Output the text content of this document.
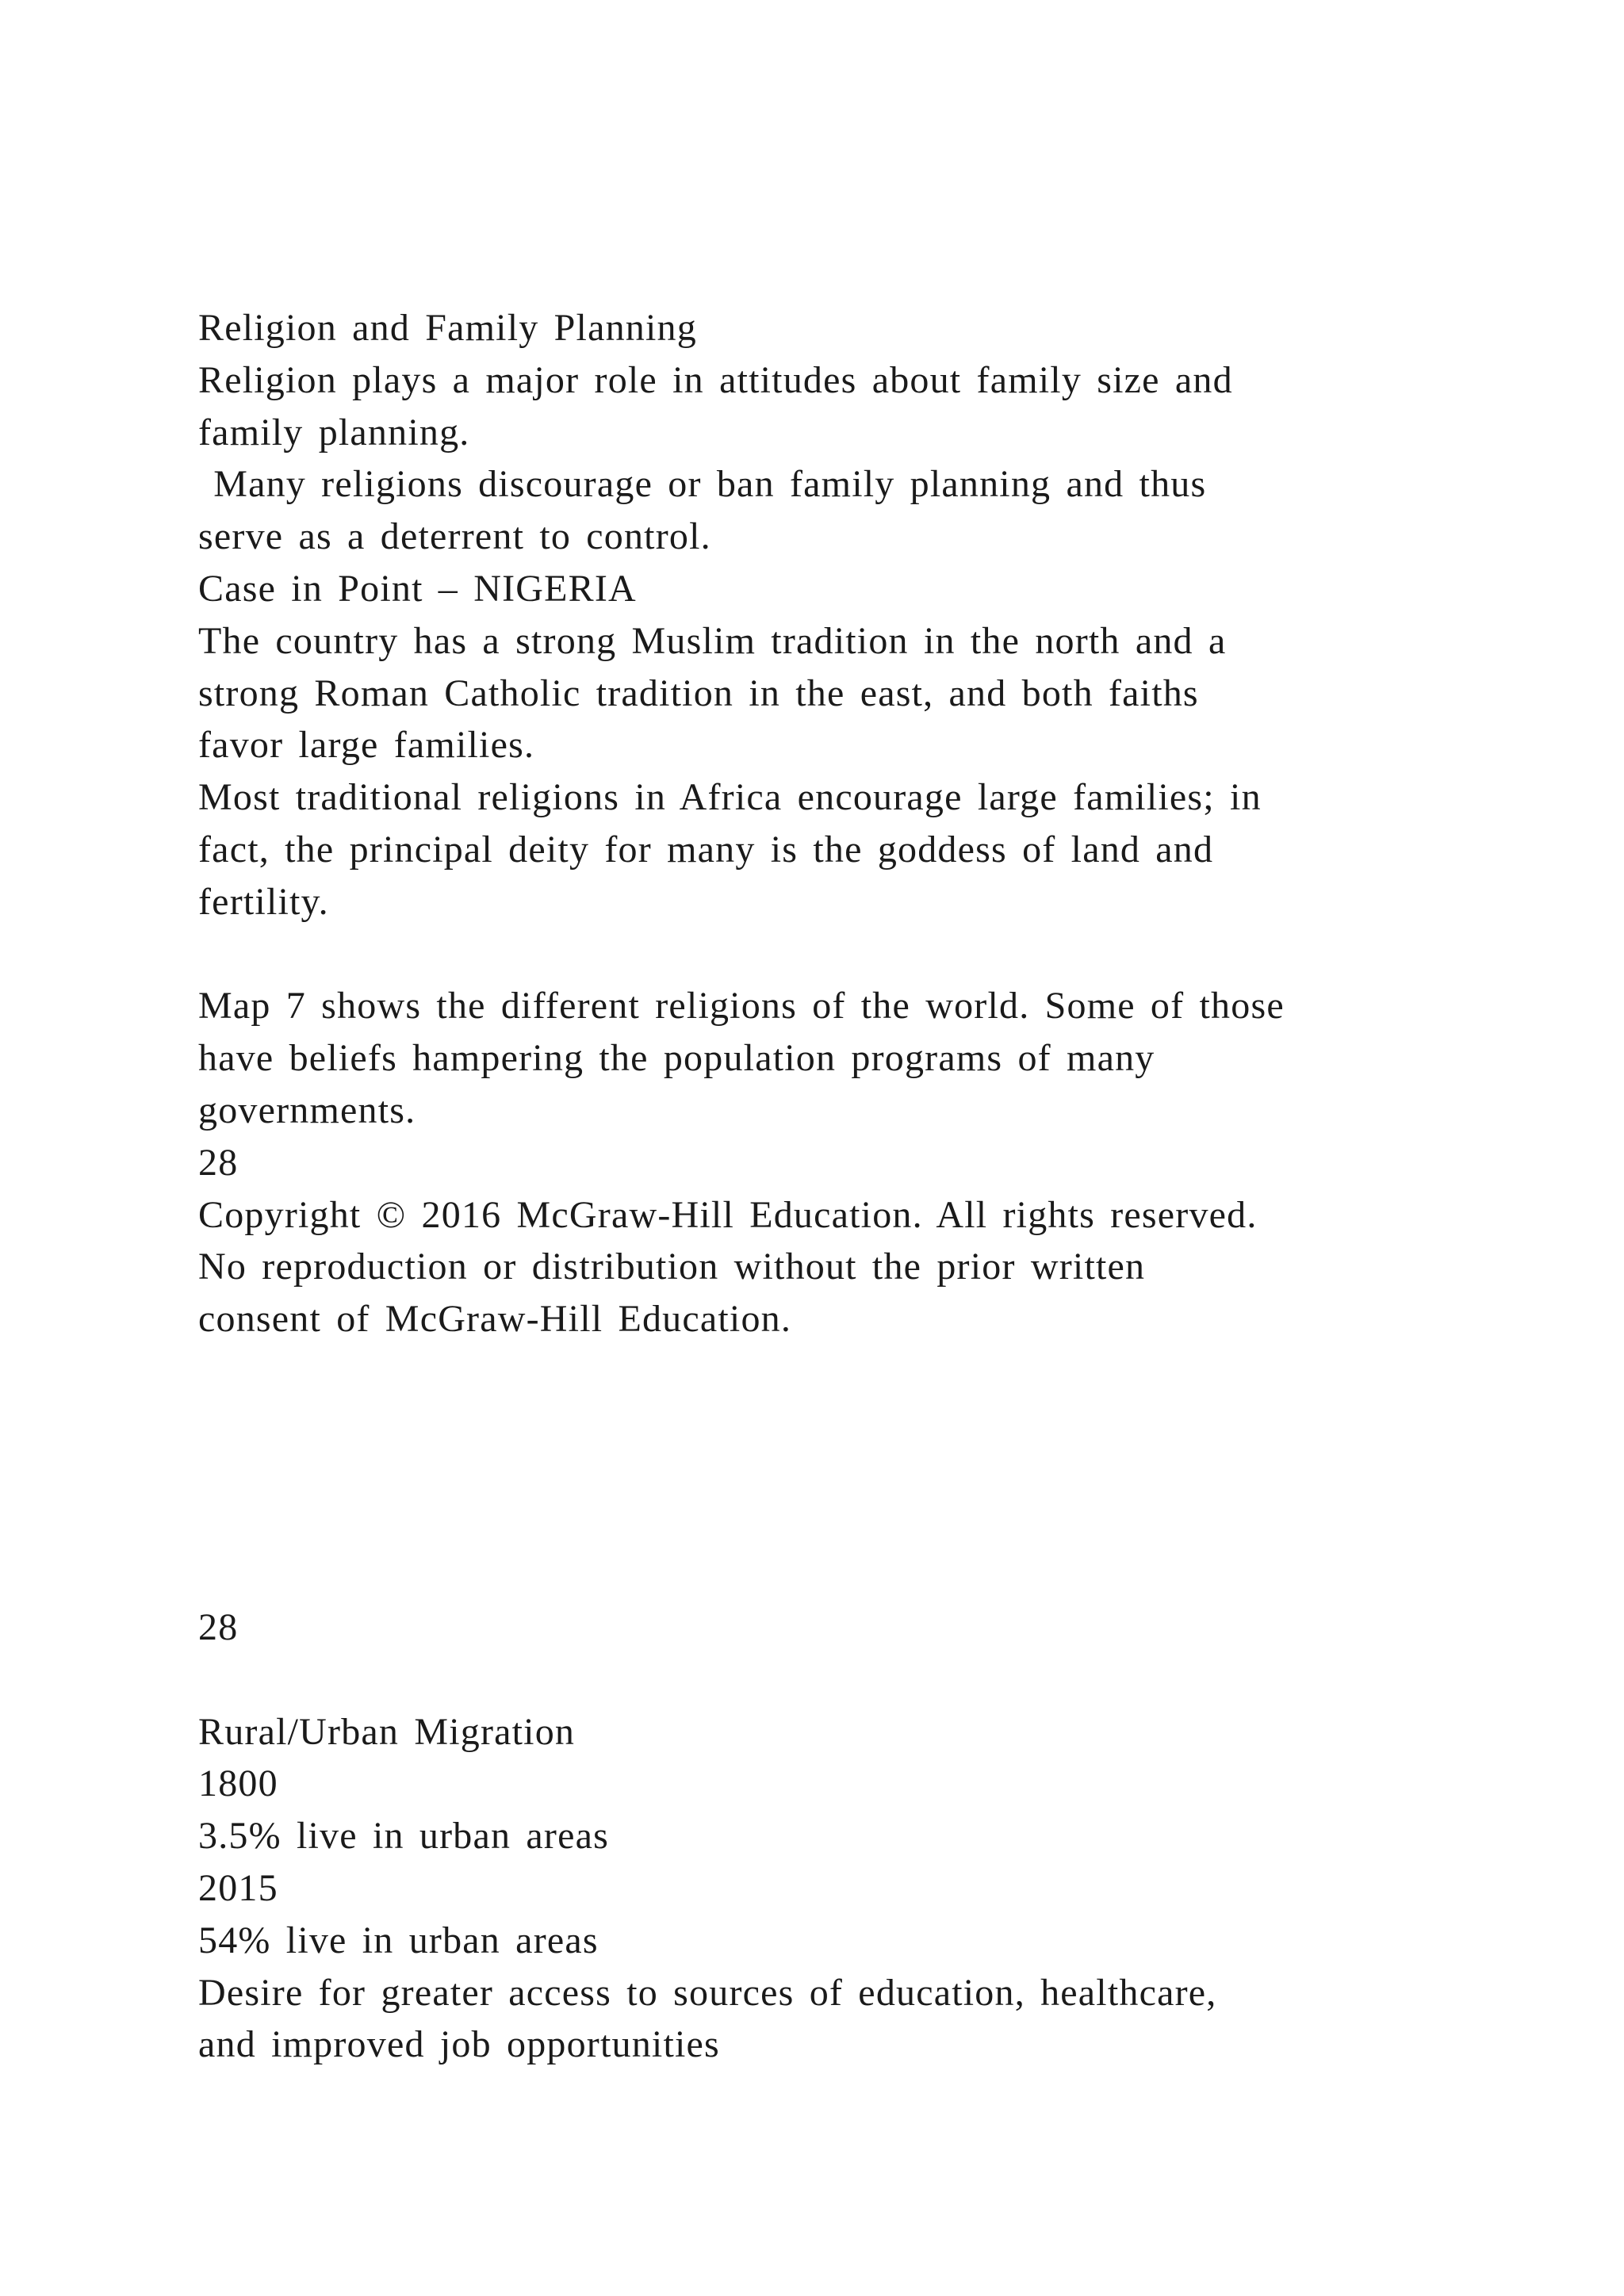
Religion and Family Planning

Religion plays a major role in attitudes about family size and

family planning.

Many religions discourage or ban family planning and thus

serve as a deterrent to control.

Case in Point – NIGERIA

The country has a strong Muslim tradition in the north and a

strong Roman Catholic tradition in the east, and both faiths

favor large families.

Most traditional religions in Africa encourage large families; in

fact, the principal deity for many is the goddess of land and

fertility.

Map 7 shows the different religions of the world. Some of those

have beliefs hampering the population programs of many

governments.

28

Copyright © 2016 McGraw-Hill Education. All rights reserved.

No reproduction or distribution without the prior written

consent of McGraw-Hill Education.

28

Rural/Urban Migration

1800

3.5% live in urban areas

2015

54% live in urban areas

Desire for greater access to sources of education, healthcare,

and improved job opportunities
